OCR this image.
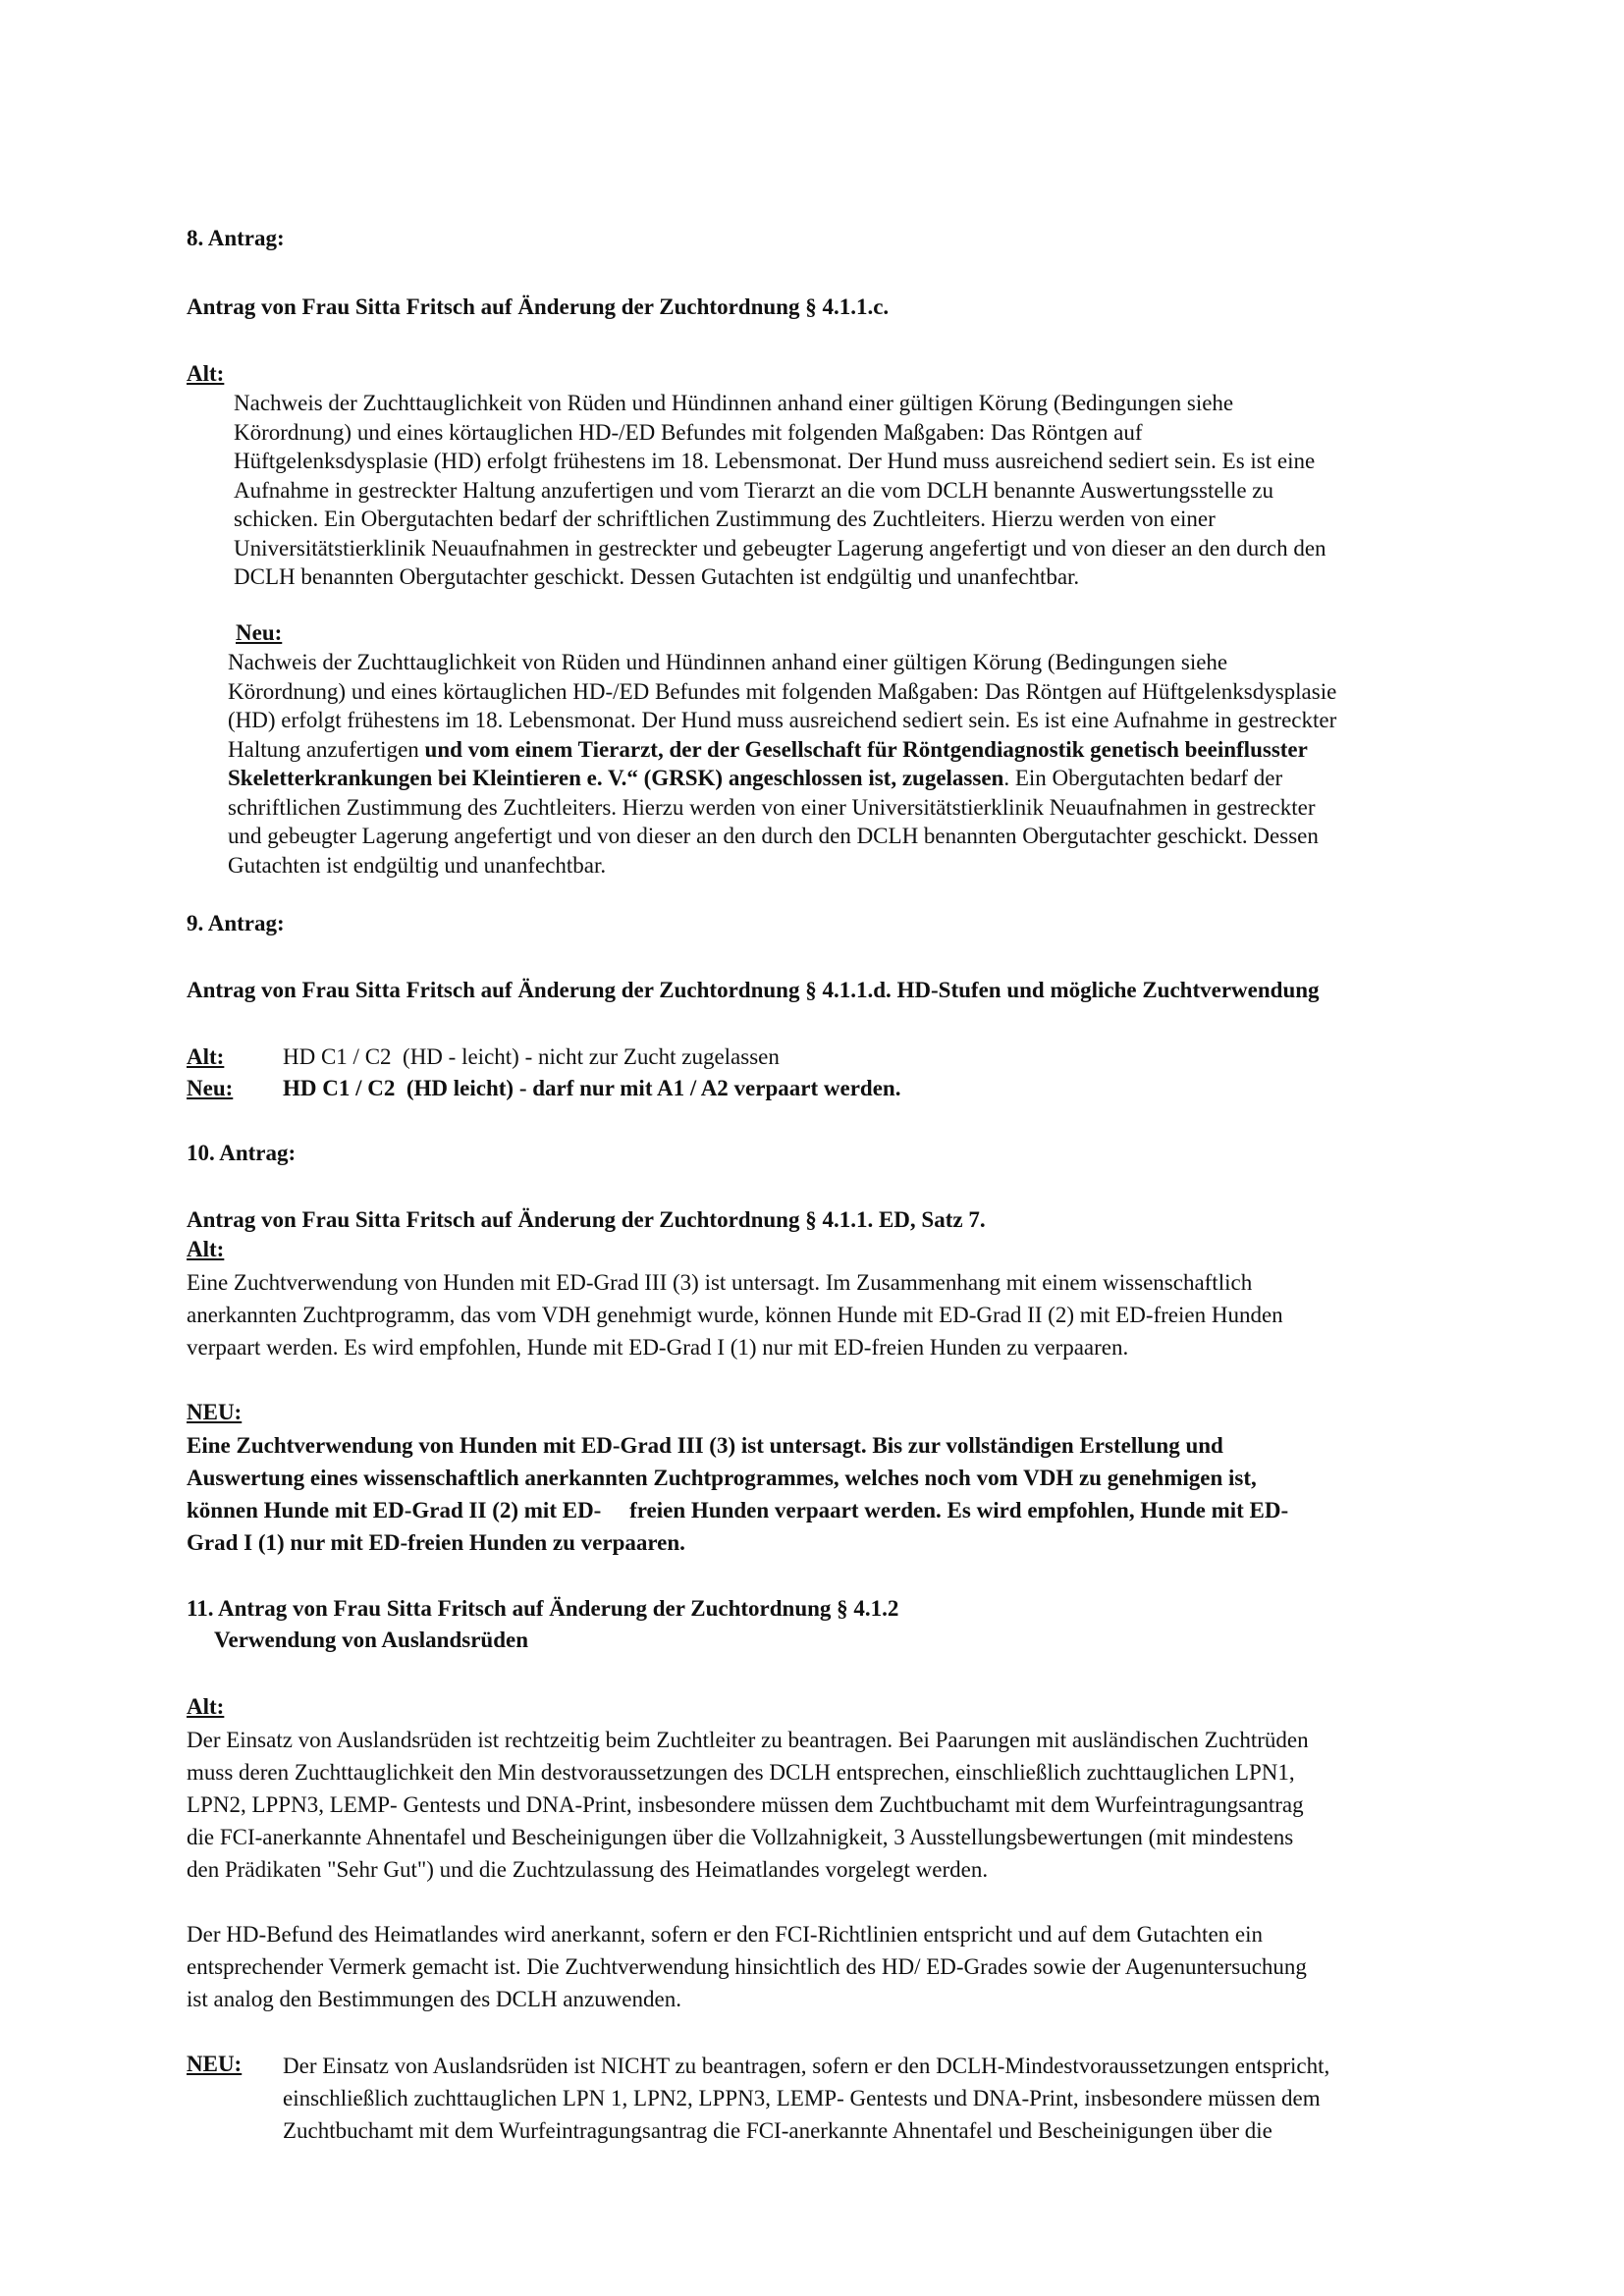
8. Antrag:
Antrag von Frau Sitta Fritsch auf Änderung der Zuchtordnung § 4.1.1.c.
Alt:
Nachweis der Zuchttauglichkeit von Rüden und Hündinnen anhand einer gültigen Körung (Bedingungen siehe
Körordnung) und eines körtauglichen HD-/ED Befundes mit folgenden Maßgaben: Das Röntgen auf
Hüftgelenksdysplasie (HD) erfolgt frühestens im 18. Lebensmonat. Der Hund muss ausreichend sediert sein. Es ist eine
Aufnahme in gestreckter Haltung anzufertigen und vom Tierarzt an die vom DCLH benannte Auswertungsstelle zu
schicken. Ein Obergutachten bedarf der schriftlichen Zustimmung des Zuchtleiters. Hierzu werden von einer
Universitätstierklinik Neuaufnahmen in gestreckter und gebeugter Lagerung angefertigt und von dieser an den durch den
DCLH benannten Obergutachter geschickt. Dessen Gutachten ist endgültig und unanfechtbar.
Neu:
Nachweis der Zuchttauglichkeit von Rüden und Hündinnen anhand einer gültigen Körung (Bedingungen siehe
Körordnung) und eines körtauglichen HD-/ED Befundes mit folgenden Maßgaben: Das Röntgen auf Hüftgelenksdysplasie
(HD) erfolgt frühestens im 18. Lebensmonat. Der Hund muss ausreichend sediert sein. Es ist eine Aufnahme in gestreckter
Haltung anzufertigen und vom einem Tierarzt, der der Gesellschaft für Röntgendiagnostik genetisch beeinflusster
Skeletterkrankungen bei Kleintieren e. V.“ (GRSK) angeschlossen ist, zugelassen. Ein Obergutachten bedarf der
schriftlichen Zustimmung des Zuchtleiters. Hierzu werden von einer Universitätstierklinik Neuaufnahmen in gestreckter
und gebeugter Lagerung angefertigt und von dieser an den durch den DCLH benannten Obergutachter geschickt. Dessen
Gutachten ist endgültig und unanfechtbar.
9. Antrag:
Antrag von Frau Sitta Fritsch auf Änderung der Zuchtordnung § 4.1.1.d. HD-Stufen und mögliche Zuchtverwendung
Alt:	HD C1 / C2  (HD - leicht) - nicht zur Zucht zugelassen
Neu: HD C1 / C2  (HD leicht) - darf nur mit A1 / A2 verpaart werden.
10. Antrag:
Antrag von Frau Sitta Fritsch auf Änderung der Zuchtordnung § 4.1.1. ED, Satz 7.
Alt:
Eine Zuchtverwendung von Hunden mit ED-Grad III (3) ist untersagt. Im Zusammenhang mit einem wissenschaftlich
anerkannten Zuchtprogramm, das vom VDH genehmigt wurde, können Hunde mit ED-Grad II (2) mit ED-freien Hunden
verpaart werden. Es wird empfohlen, Hunde mit ED-Grad I (1) nur mit ED-freien Hunden zu verpaaren.
NEU:
Eine Zuchtverwendung von Hunden mit ED-Grad III (3) ist untersagt. Bis zur vollständigen Erstellung und
Auswertung eines wissenschaftlich anerkannten Zuchtprogrammes, welches noch vom VDH zu genehmigen ist,
können Hunde mit ED-Grad II (2) mit ED-     freien Hunden verpaart werden. Es wird empfohlen, Hunde mit ED-
Grad I (1) nur mit ED-freien Hunden zu verpaaren.
11. Antrag von Frau Sitta Fritsch auf Änderung der Zuchtordnung § 4.1.2
Verwendung von Auslandsrüden
Alt:
Der Einsatz von Auslandsrüden ist rechtzeitig beim Zuchtleiter zu beantragen. Bei Paarungen mit ausländischen Zuchtrüden
muss deren Zuchttauglichkeit den Min destvoraussetzungen des DCLH entsprechen, einschließlich zuchttauglichen LPN1,
LPN2, LPPN3, LEMP- Gentests und DNA-Print, insbesondere müssen dem Zuchtbuchamt mit dem Wurfeintragungsantrag
die FCI-anerkannte Ahnentafel und Bescheinigungen über die Vollzahnigkeit, 3 Ausstellungsbewertungen (mit mindestens
den Prädikaten "Sehr Gut") und die Zuchtzulassung des Heimatlandes vorgelegt werden.
Der HD-Befund des Heimatlandes wird anerkannt, sofern er den FCI-Richtlinien entspricht und auf dem Gutachten ein
entsprechender Vermerk gemacht ist. Die Zuchtverwendung hinsichtlich des HD/ ED-Grades sowie der Augenuntersuchung
ist analog den Bestimmungen des DCLH anzuwenden.
NEU: Der Einsatz von Auslandsrüden ist NICHT zu beantragen, sofern er den DCLH-Mindestvoraussetzungen entspricht,
einschließlich zuchttauglichen LPN 1, LPN2, LPPN3, LEMP- Gentests und DNA-Print, insbesondere müssen dem
Zuchtbuchamt mit dem Wurfeintragungsantrag die FCI-anerkannte Ahnentafel und Bescheinigungen über die
